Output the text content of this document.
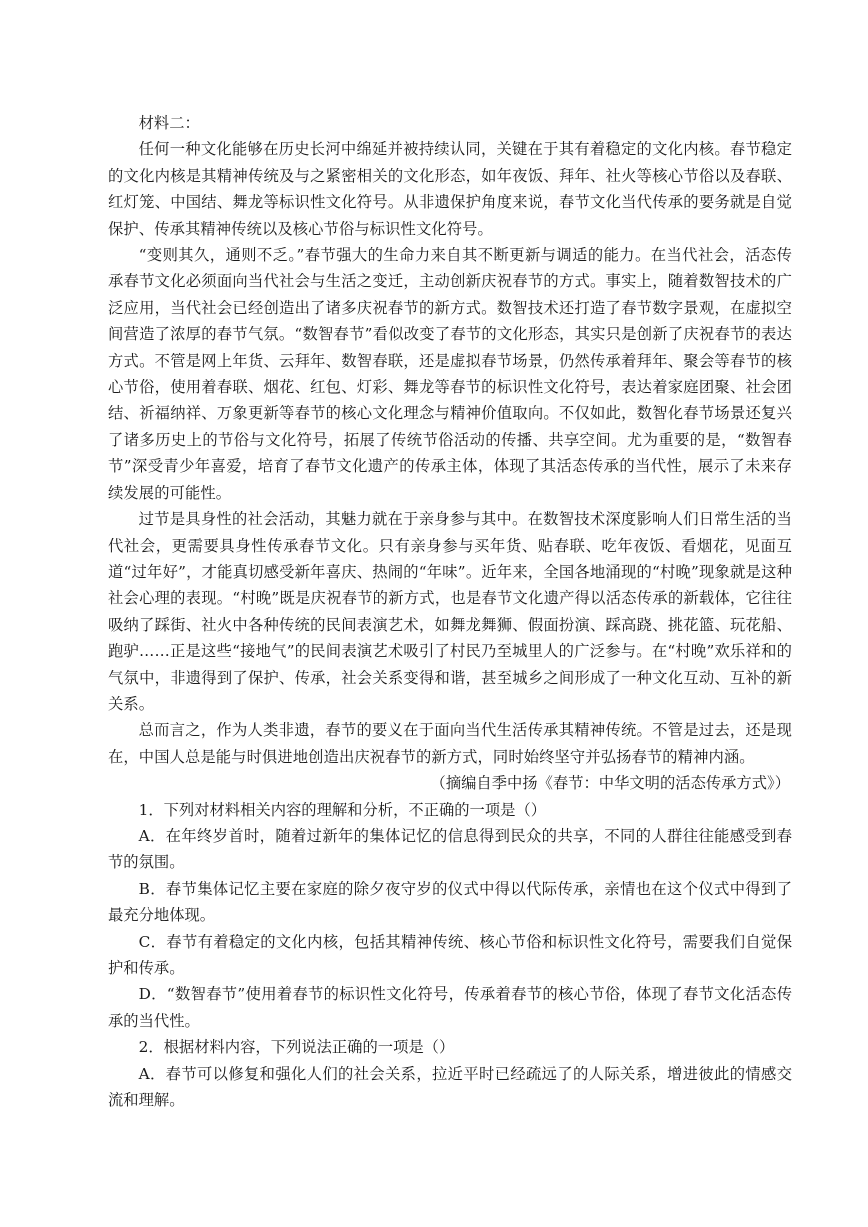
材料二：

任何一种文化能够在历史长河中绵延并被持续认同，关键在于其有着稳定的文化内核。春节稳定的文化内核是其精神传统及与之紧密相关的文化形态，如年夜饭、拜年、社火等核心节俗以及春联、红灯笼、中国结、舞龙等标识性文化符号。从非遗保护角度来说，春节文化当代传承的要务就是自觉保护、传承其精神传统以及核心节俗与标识性文化符号。

“变则其久，通则不乏。”春节强大的生命力来自其不断更新与调适的能力。在当代社会，活态传承春节文化必须面向当代社会与生活之变迁，主动创新庆祝春节的方式。事实上，随着数智技术的广泛应用，当代社会已经创造出了诸多庆祝春节的新方式。数智技术还打造了春节数字景观，在虚拟空间营造了浓厚的春节气氛。“数智春节”看似改变了春节的文化形态，其实只是创新了庆祝春节的表达方式。不管是网上年货、云拜年、数智春联，还是虚拟春节场景，仍然传承着拜年、聚会等春节的核心节俗，使用着春联、烟花、红包、灯彩、舞龙等春节的标识性文化符号，表达着家庭团聚、社会团结、祈福纳祥、万象更新等春节的核心文化理念与精神价值取向。不仅如此，数智化春节场景还复兴了诸多历史上的节俗与文化符号，拓展了传统节俗活动的传播、共享空间。尤为重要的是，“数智春节”深受青少年喜爱，培育了春节文化遗产的传承主体，体现了其活态传承的当代性，展示了未来存续发展的可能性。

过节是具身性的社会活动，其魅力就在于亲身参与其中。在数智技术深度影响人们日常生活的当代社会，更需要具身性传承春节文化。只有亲身参与买年货、贴春联、吃年夜饭、看烟花，见面互道“过年好”，才能真切感受新年喜庆、热闹的“年味”。近年来，全国各地涌现的“村晚”现象就是这种社会心理的表现。“村晚”既是庆祝春节的新方式，也是春节文化遗产得以活态传承的新载体，它往往吸纳了踩街、社火中各种传统的民间表演艺术，如舞龙舞狮、假面扮演、踩高跷、挑花篮、玩花船、跑驴……正是这些“接地气”的民间表演艺术吸引了村民乃至城里人的广泛参与。在“村晚”欢乐祥和的气氛中，非遗得到了保护、传承，社会关系变得和谐，甚至城乡之间形成了一种文化互动、互补的新关系。

总而言之，作为人类非遗，春节的要义在于面向当代生活传承其精神传统。不管是过去，还是现在，中国人总是能与时俱进地创造出庆祝春节的新方式，同时始终坚守并弘扬春节的精神内涵。

（摘编自季中扬《春节：中华文明的活态传承方式》）

1．下列对材料相关内容的理解和分析，不正确的一项是（）

A．在年终岁首时，随着过新年的集体记忆的信息得到民众的共享，不同的人群往往能感受到春节的氛围。

B．春节集体记忆主要在家庭的除夕夜守岁的仪式中得以代际传承，亲情也在这个仪式中得到了最充分地体现。

C．春节有着稳定的文化内核，包括其精神传统、核心节俗和标识性文化符号，需要我们自觉保护和传承。

D．“数智春节”使用着春节的标识性文化符号，传承着春节的核心节俗，体现了春节文化活态传承的当代性。

2．根据材料内容，下列说法正确的一项是（）

A．春节可以修复和强化人们的社会关系，拉近平时已经疏远了的人际关系，增进彼此的情感交流和理解。
